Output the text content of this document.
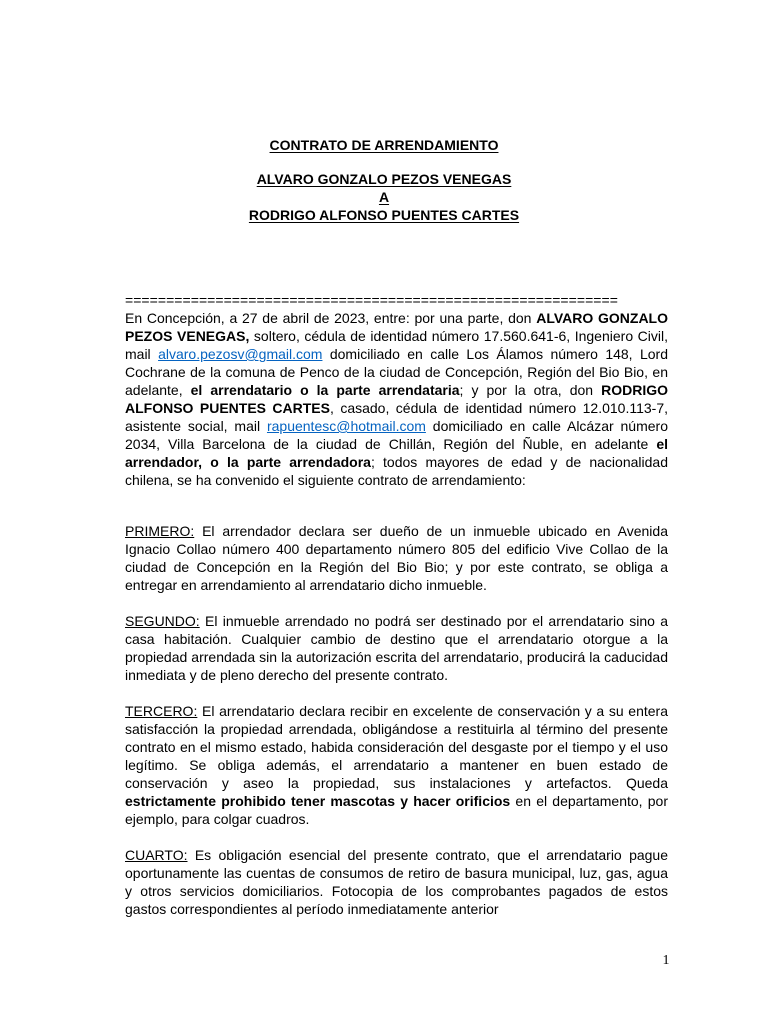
CONTRATO DE ARRENDAMIENTO
ALVARO GONZALO PEZOS VENEGAS
A
RODRIGO ALFONSO PUENTES CARTES
============================================================

En Concepción, a 27 de abril de 2023, entre: por una parte, don ALVARO GONZALO PEZOS VENEGAS, soltero, cédula de identidad número 17.560.641-6, Ingeniero Civil, mail alvaro.pezosv@gmail.com domiciliado en calle Los Álamos número 148, Lord Cochrane de la comuna de Penco de la ciudad de Concepción, Región del Bio Bio, en adelante, el arrendatario o la parte arrendataria; y por la otra, don RODRIGO ALFONSO PUENTES CARTES, casado, cédula de identidad número 12.010.113-7, asistente social, mail rapuentesc@hotmail.com domiciliado en calle Alcázar número 2034, Villa Barcelona de la ciudad de Chillán, Región del Ñuble, en adelante el arrendador, o la parte arrendadora; todos mayores de edad y de nacionalidad chilena, se ha convenido el siguiente contrato de arrendamiento:

PRIMERO: El arrendador declara ser dueño de un inmueble ubicado en Avenida Ignacio Collao número 400 departamento número 805 del edificio Vive Collao de la ciudad de Concepción en la Región del Bio Bio; y por este contrato, se obliga a entregar en arrendamiento al arrendatario dicho inmueble.

SEGUNDO: El inmueble arrendado no podrá ser destinado por el arrendatario sino a casa habitación. Cualquier cambio de destino que el arrendatario otorgue a la propiedad arrendada sin la autorización escrita del arrendatario, producirá la caducidad inmediata y de pleno derecho del presente contrato.

TERCERO: El arrendatario declara recibir en excelente de conservación y a su entera satisfacción la propiedad arrendada, obligándose a restituirla al término del presente contrato en el mismo estado, habida consideración del desgaste por el tiempo y el uso legítimo. Se obliga además, el arrendatario a mantener en buen estado de conservación y aseo la propiedad, sus instalaciones y artefactos. Queda estrictamente prohibido tener mascotas y hacer orificios en el departamento, por ejemplo, para colgar cuadros.

CUARTO: Es obligación esencial del presente contrato, que el arrendatario pague oportunamente las cuentas de consumos de retiro de basura municipal, luz, gas, agua y otros servicios domiciliarios. Fotocopia de los comprobantes pagados de estos gastos correspondientes al período inmediatamente anterior

1
